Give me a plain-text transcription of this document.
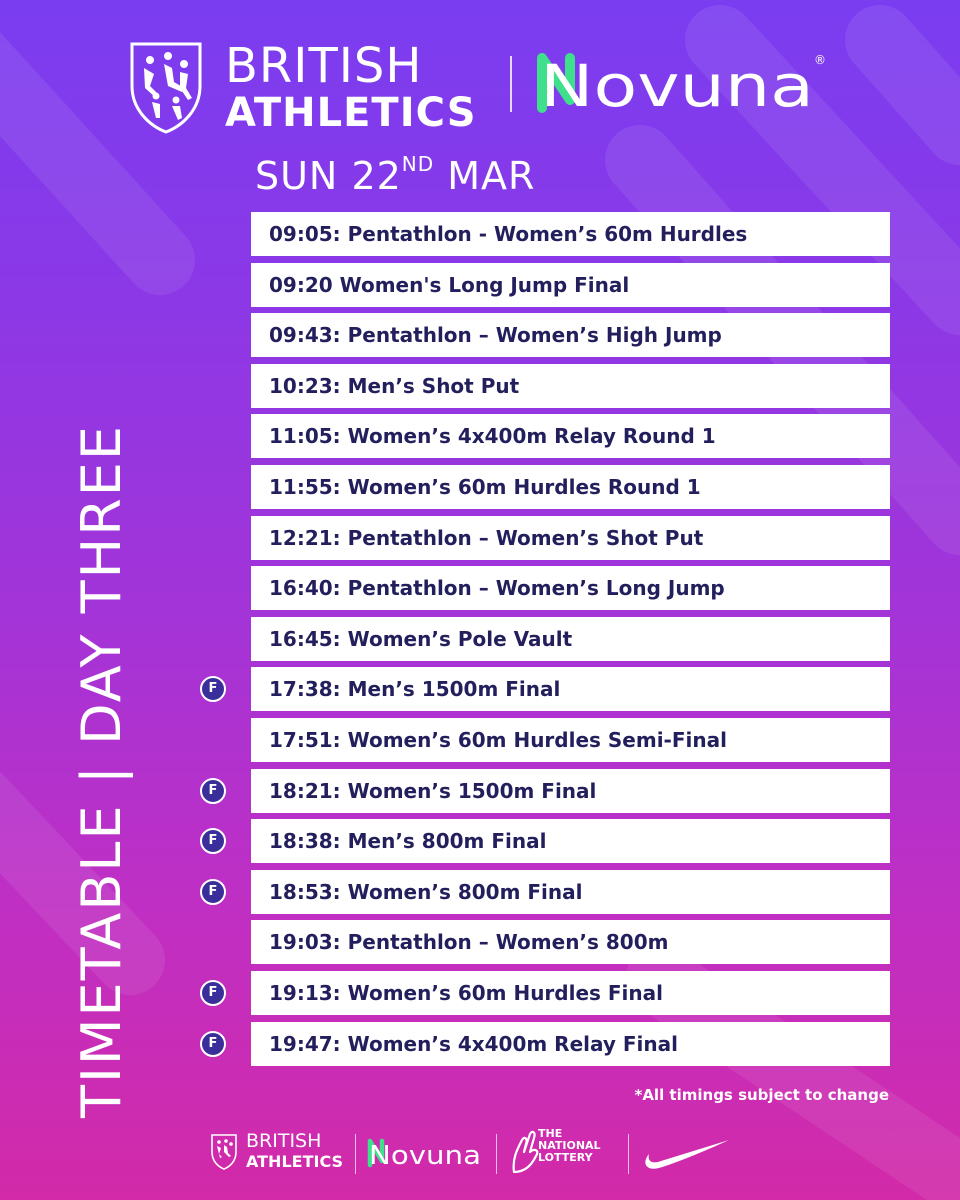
BRITISH
ATHLETICS Novuna ®
SUN 22ND MAR
TIMETABLE | DAY THREE
09:05: Pentathlon - Women’s 60m Hurdles
09:20 Women's Long Jump Final
09:43: Pentathlon – Women’s High Jump
10:23: Men’s Shot Put
11:05: Women’s 4x400m Relay Round 1
11:55: Women’s 60m Hurdles Round 1
12:21: Pentathlon – Women’s Shot Put
16:40: Pentathlon – Women’s Long Jump
16:45: Women’s Pole Vault
F	17:38: Men’s 1500m Final
17:51: Women’s 60m Hurdles Semi-Final
F	18:21: Women’s 1500m Final
F	18:38: Men’s 800m Final
F	18:53: Women’s 800m Final
19:03: Pentathlon – Women’s 800m
F	19:13: Women’s 60m Hurdles Final
F	19:47: Women’s 4x400m Relay Final
*All timings subject to change
BRITISH
ATHLETICS Novuna
THE
NATIONAL
LOTTERY
